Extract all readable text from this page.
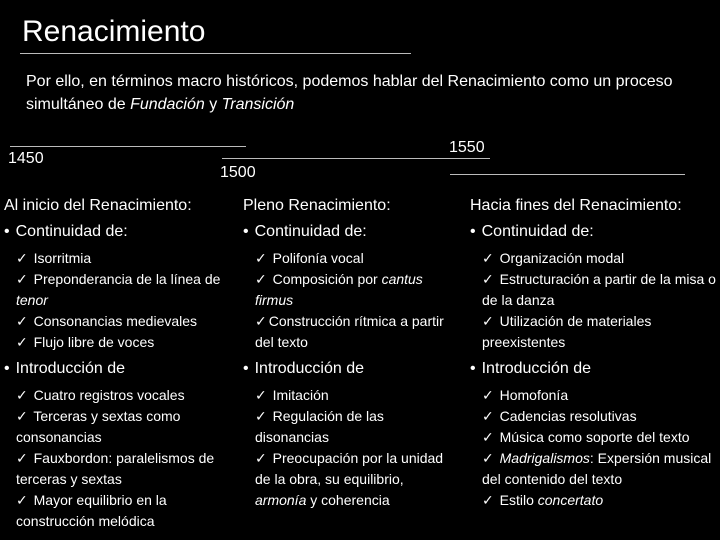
Renacimiento
Por ello, en términos macro históricos, podemos hablar del Renacimiento como un proceso simultáneo de Fundación y Transición
1450
1500
1550
Al inicio del Renacimiento:
• Continuidad de:
✓ Isorritmia
✓ Preponderancia de la línea de tenor
✓ Consonancias medievales
✓ Flujo libre de voces
• Introducción de
✓ Cuatro registros vocales
✓ Terceras y sextas como consonancias
✓ Fauxbordon: paralelismos de terceras y sextas
✓ Mayor equilibrio en la construcción melódica
Pleno Renacimiento:
• Continuidad de:
✓ Polifonía vocal
✓ Composición por cantus firmus
✓ Construcción rítmica a partir del texto
• Introducción de
✓ Imitación
✓ Regulación de las disonancias
✓ Preocupación por la unidad de la obra, su equilibrio, armonía y coherencia
Hacia fines del Renacimiento:
• Continuidad de:
✓ Organización modal
✓ Estructuración a partir de la misa o de la danza
✓ Utilización de materiales preexistentes
• Introducción de
✓ Homofonía
✓ Cadencias resolutivas
✓ Música como soporte del texto
✓ Madrigalismos: Expersión musical del contenido del texto
✓ Estilo concertato
